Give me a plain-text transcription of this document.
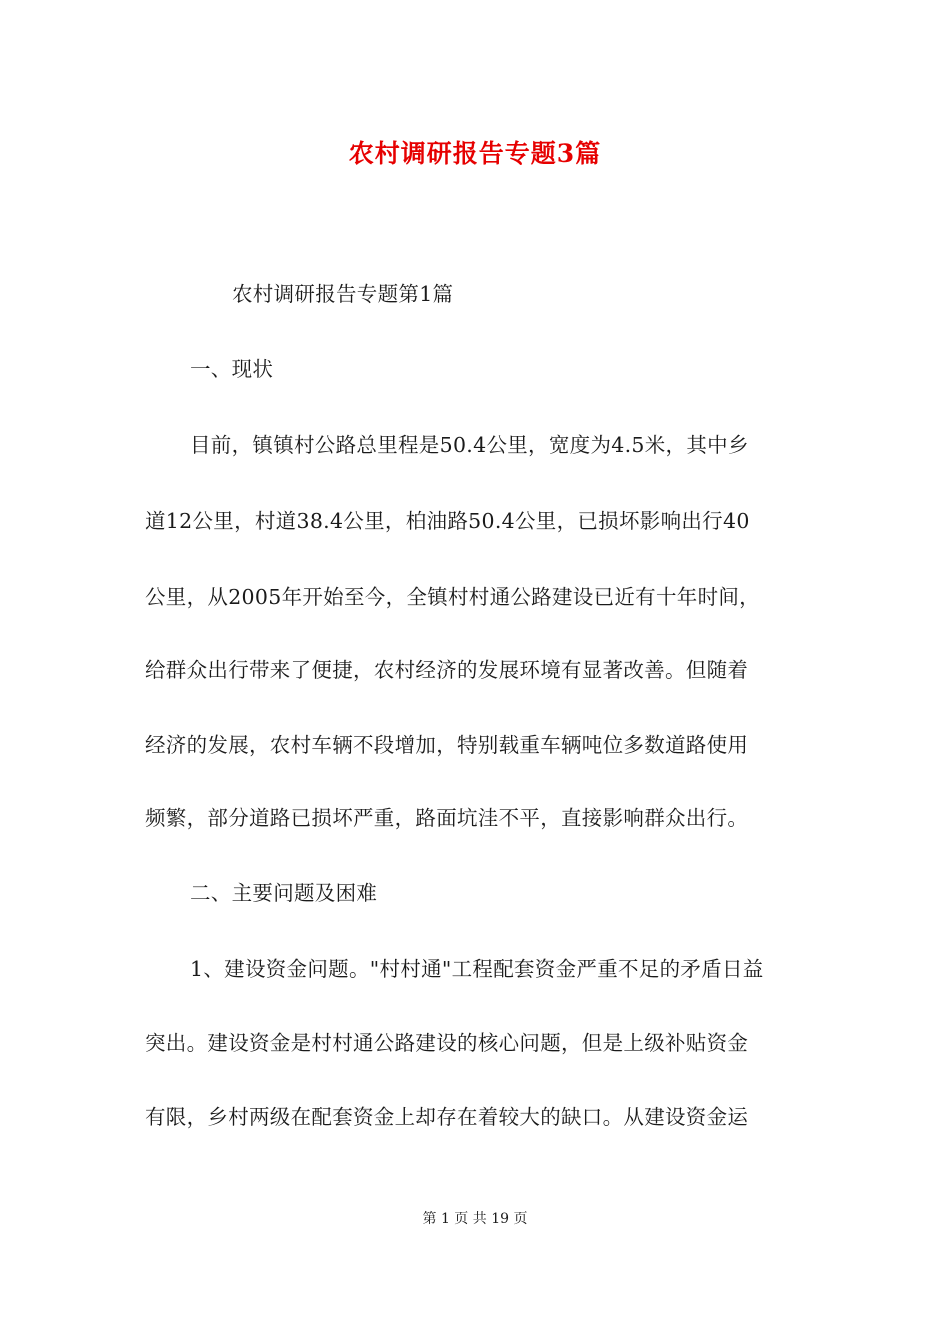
农村调研报告专题3篇
农村调研报告专题第1篇
一、现状
目前，镇镇村公路总里程是50.4公里，宽度为4.5米，其中乡
道12公里，村道38.4公里，柏油路50.4公里，已损坏影响出行40
公里，从2005年开始至今，全镇村村通公路建设已近有十年时间，
给群众出行带来了便捷，农村经济的发展环境有显著改善。但随着
经济的发展，农村车辆不段增加，特别载重车辆吨位多数道路使用
频繁，部分道路已损坏严重，路面坑洼不平，直接影响群众出行。
二、主要问题及困难
1、建设资金问题。"村村通"工程配套资金严重不足的矛盾日益
突出。建设资金是村村通公路建设的核心问题，但是上级补贴资金
有限，乡村两级在配套资金上却存在着较大的缺口。从建设资金运
第 1 页 共 19 页
